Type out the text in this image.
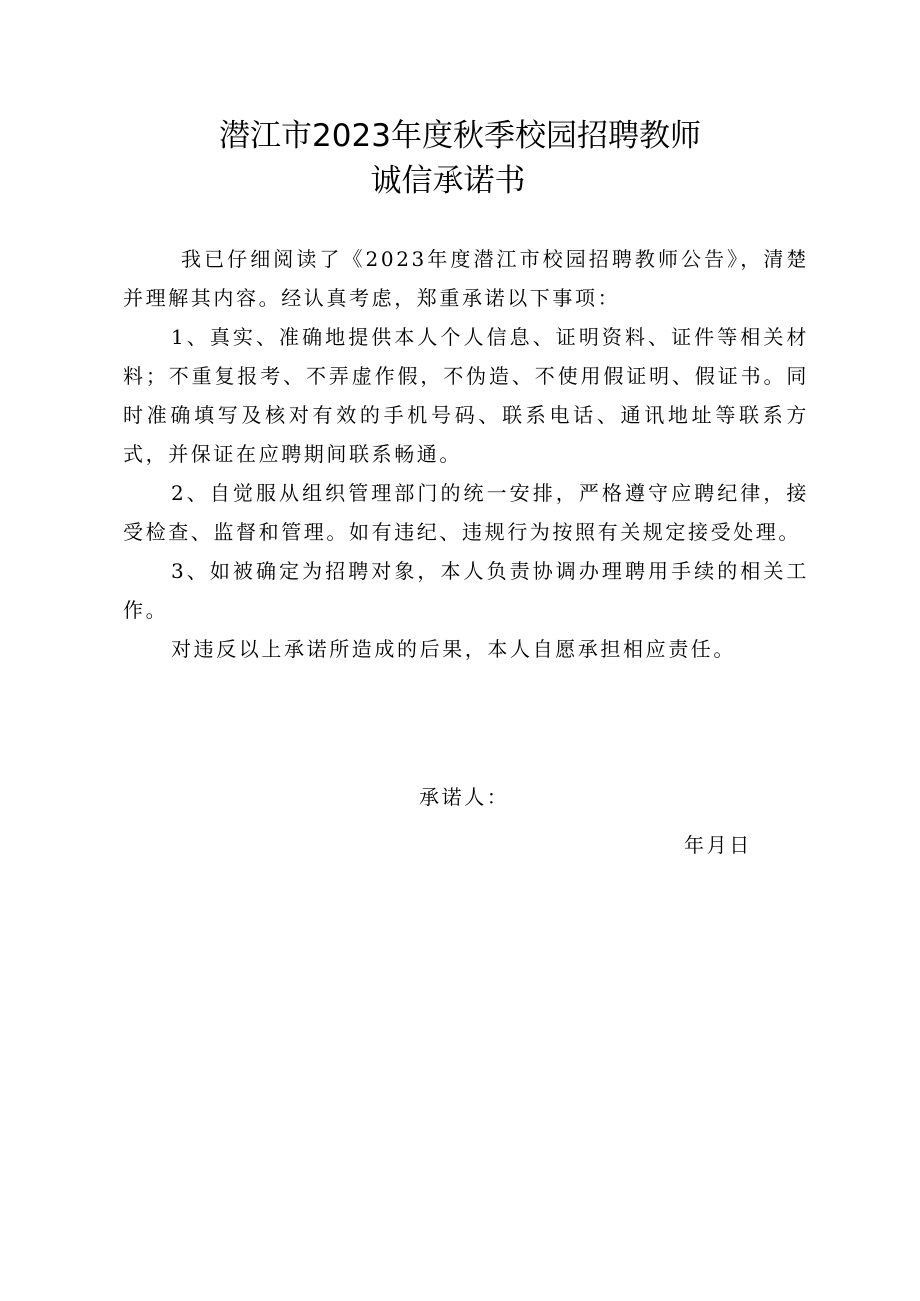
潜江市2023年度秋季校园招聘教师
诚信承诺书

我已仔细阅读了《2023年度潜江市校园招聘教师公告》，清楚并理解其内容。经认真考虑，郑重承诺以下事项：

1、真实、准确地提供本人个人信息、证明资料、证件等相关材料；不重复报考、不弄虚作假，不伪造、不使用假证明、假证书。同时准确填写及核对有效的手机号码、联系电话、通讯地址等联系方式，并保证在应聘期间联系畅通。

2、自觉服从组织管理部门的统一安排，严格遵守应聘纪律，接受检查、监督和管理。如有违纪、违规行为按照有关规定接受处理。

3、如被确定为招聘对象，本人负责协调办理聘用手续的相关工作。

对违反以上承诺所造成的后果，本人自愿承担相应责任。

承诺人：
年月日
